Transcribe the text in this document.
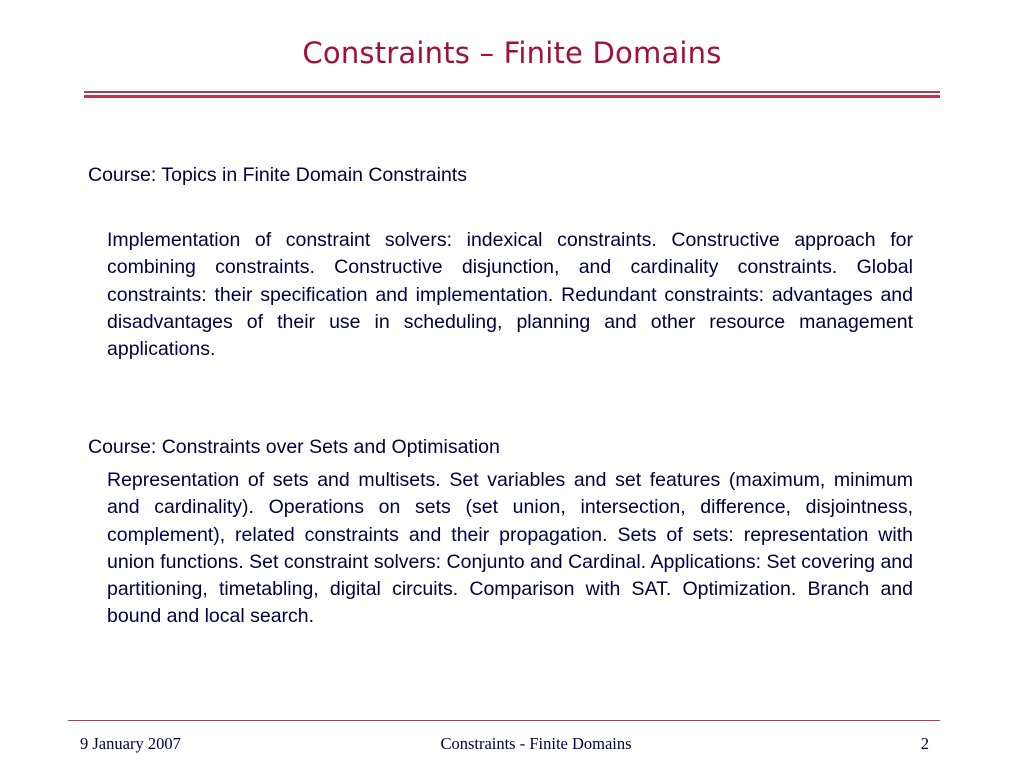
Constraints – Finite Domains
Course: Topics in Finite Domain Constraints

Implementation of constraint solvers: indexical constraints. Constructive approach for combining constraints. Constructive disjunction, and cardinality constraints. Global constraints: their specification and implementation. Redundant constraints: advantages and disadvantages of their use in scheduling, planning and other resource management applications.

Course: Constraints over Sets and Optimisation

Representation of sets and multisets. Set variables and set features (maximum, minimum and cardinality). Operations on sets (set union, intersection, difference, disjointness, complement), related constraints and their propagation. Sets of sets: representation with union functions. Set constraint solvers: Conjunto and Cardinal. Applications: Set covering and partitioning, timetabling, digital circuits. Comparison with SAT. Optimization. Branch and bound and local search.

9 January 2007	Constraints - Finite Domains	2
